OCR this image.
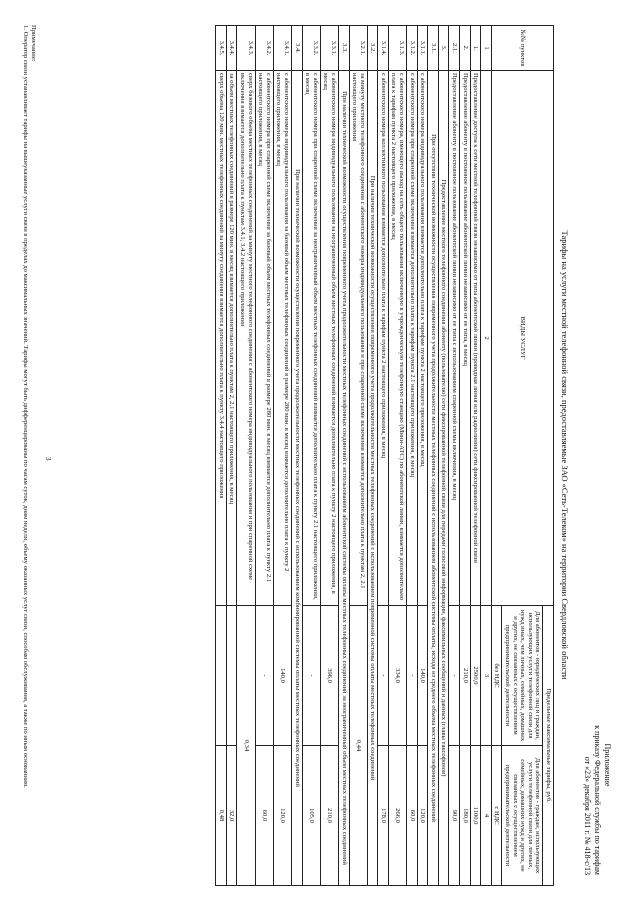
Приложение
к приказу Федеральной службы по тарифам
от «23» декабря 2011 г. № 418-с/13
Тарифы на услуги местной телефонной связи, предоставляемые ЗАО «Сеть-Телеком» на территории Свердловской области
№№ пунктов	ВИДЫ УСЛУГ	Предельные максимальные тарифы, руб.	
		Для абонентов - юридических лиц и граждан, использующих услуги телефонной связи для нужд иных, чем личных, семейных, домашних и других, не связанных с осуществлением предпринимательской деятельности	Для абонентов - граждан, использующих услуги телефонной связи для личных, семейных, домашних нужд и других, не связанных с осуществлением предпринимательской деятельности
		без НДС	с НДС
1	2	3	4
1.	Предоставление доступа к сети местной телефонной связи независимо от типа абонентской линии (проводная линия или радиолиния) сети фиксированной телефонной связи	2500,0	1100,0
2.	Предоставление абоненту в постоянное пользование абонентской линии независимо от ее типа, в месяц	210,0	180,0
2.1.	Предоставление абоненту в постоянное пользование абонентской линии независимо от ее типа с использованием спаренной схемы включения, в месяц	-	90,0
3.	Предоставление местного телефонного соединения абоненту (пользователю) сети фиксированной телефонной связи для передачи голосовой информации, факсимильных сообщений и данных (главы таксофонов)		
3.1.	При отсутствии технической возможности осуществления повременного учета продолжительности местных телефонных соединений с использованием абонентской системы оплаты, исходя из среднего объема местных телефонных соединений		
3.1.1.	с абонентского номера индивидуального пользования взимается дополнительно плата к тарифам пункта 2 настоящего приложения, в месяц	140,0	120,0
3.1.2.	с абонентского номера при спаренной схеме включения взимается дополнительно плата к тарифам пункта 2.1 настоящего приложения, в месяц	-	60,0
3.1.3.	с абонентского номера, имеющего выход на сеть общего пользования включенную в учрежденческую телефонную станцию (Мини-АТС) по абонентской линии, взимается дополнительно плата к тарифам пункта 2 настоящего приложения, в месяц	334,0	266,0
3.1.4.	с абонентского номера коллективного пользования взимается дополнительно плата к тарифам пункта 2 настоящего приложения, в месяц	-	178,0
3.2.	При наличии технической возможности осуществления повременного учета продолжительности местных телефонных соединений с использованием повременной системы оплаты местных телефонных соединений		
3.2.1.	за минуту местного телефонного соединения с абонентского номера индивидуального пользования и при спаренной схеме включения взимается дополнительно плата к пунктам 2, 2.1 настоящего приложения	0,44	
3.3.	При наличии технической возможности осуществления повременного учета продолжительности местных телефонных соединений с использованием абонентской системы оплаты местных телефонных соединений за неограниченный объем местных телефонных соединений		
3.3.1.	с абонентского номера индивидуального пользования за неограниченный объем местных телефонных соединений взимается дополнительно плата к пункту 2 настоящего приложения, в месяц	396,0	210,0
3.3.2.	с абонентского номера при спаренной схеме включения за неограниченный объем местных телефонных соединений взимается дополнительно плата к пункту 2.1 настоящего приложения, в месяц	-	105,0
3.4.	При наличии технической возможности осуществления повременного учета продолжительности местных телефонных соединений с использованием комбинированной системы оплаты местных телефонных соединений		
3.4.1.	с абонентского номера индивидуального пользования за базовый объем местных телефонных соединений в размере 280 мин. в месяц взимается дополнительно плата к пункту 2 настоящего приложения, в месяц	140,0	120,0
3.4.2.	с абонентского номера при спаренной схеме включения за базовый объем местных телефонных соединений в размере 280 мин. в месяц взимается дополнительно плата к пункту 2.1 настоящего приложения, в месяц	-	60,0
3.4.3.	сверх базового объема местных телефонных соединений за минуту местного телефонного соединения с абонентского номера индивидуального пользования и при спаренной схеме включения взимается дополнительно плата к пунктам 3.4.1, 3.4.2 настоящего приложения	0,34	
3.4.4.	за объем местных телефонных соединений в размере 120 мин. в месяц взимается дополнительно плата к пунктам 2, 2.1 настоящего приложения, в месяц		32,0
3.4.5.	сверх объема 120 мин. местных телефонных соединений за минуту соединения взимается дополнительно плата к пункту 3.4.4 настоящего приложения		0,48
3
Примечание:
1. Оператор связи устанавливает тарифы на вышеуказанные услуги связи в пределах до максимальных значений. Тарифы могут быть дифференцированы по часам суток, дням недели, объему оказанных услуг связи, способам обслуживания, а также по иным основаниям.
